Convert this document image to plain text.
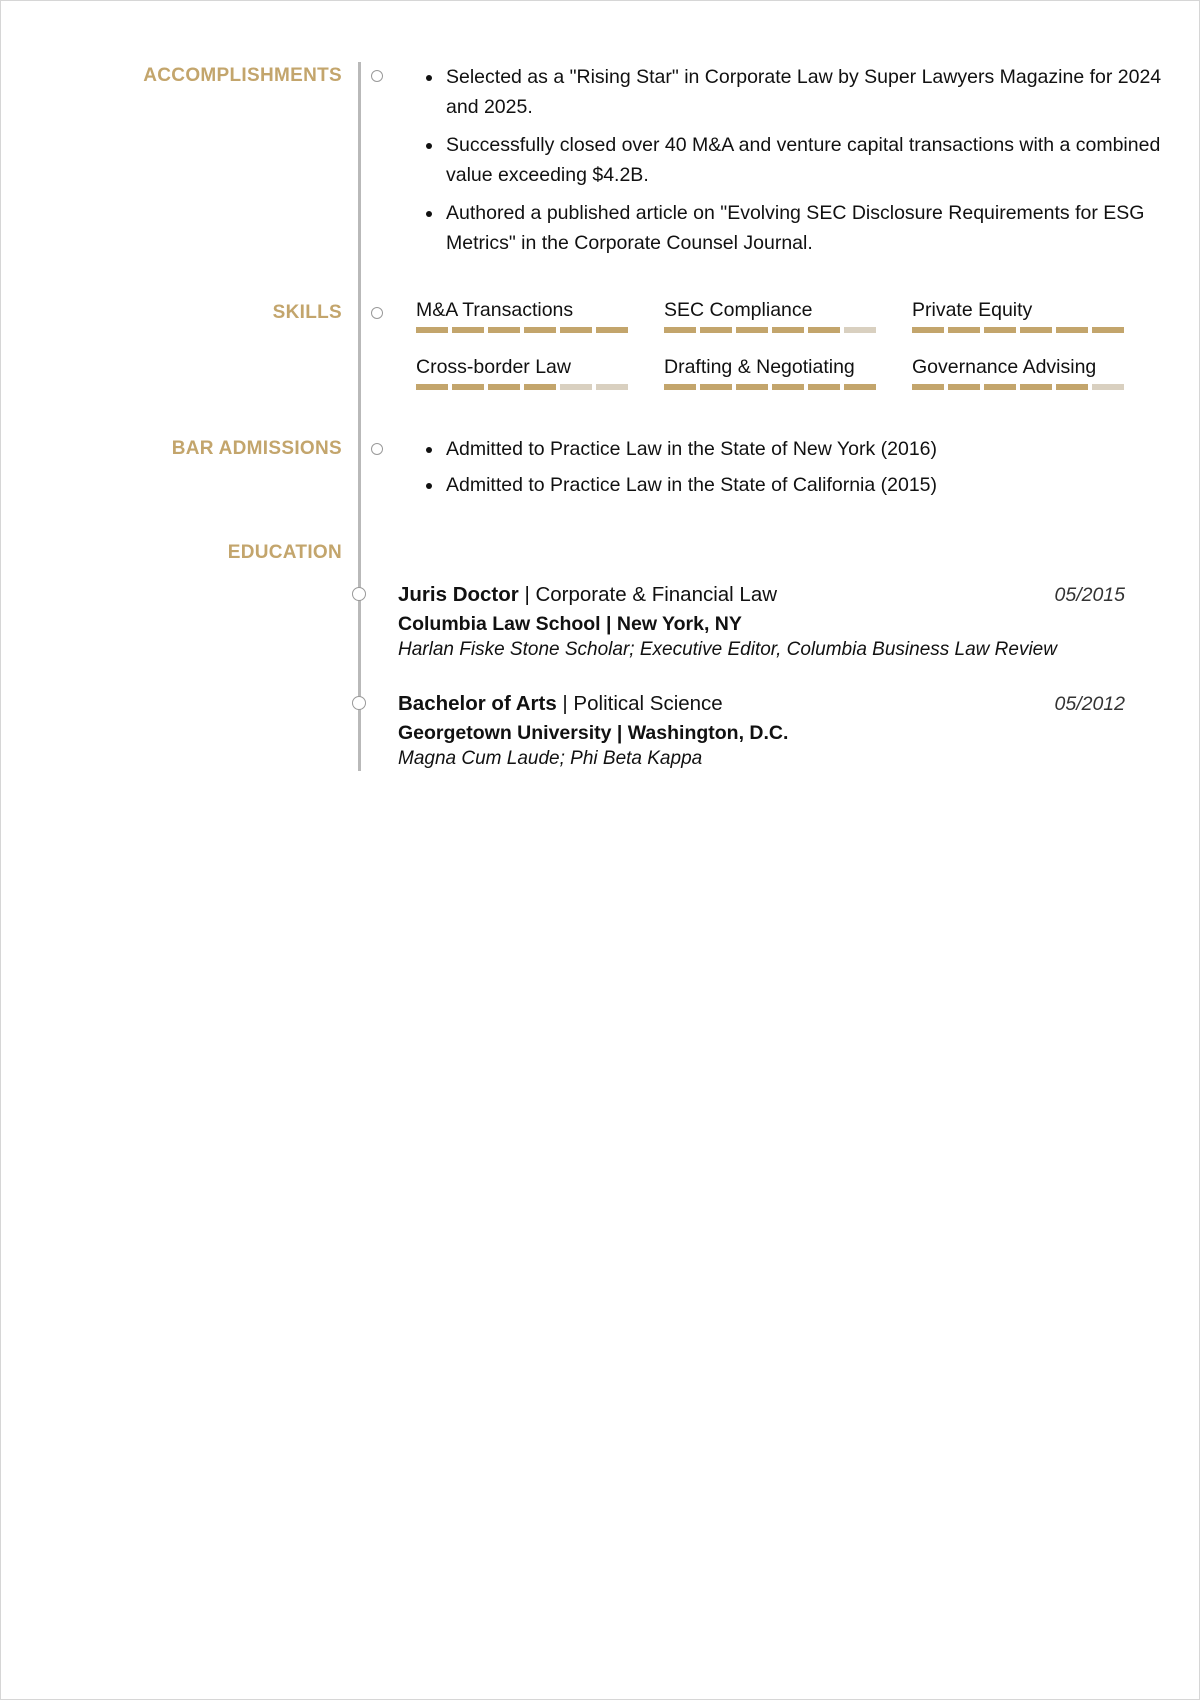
ACCOMPLISHMENTS	• Selected as a "Rising Star" in Corporate Law by Super Lawyers Magazine for 2024 and 2025.
• Successfully closed over 40 M&A and venture capital transactions with a combined value exceeding $4.2B.
• Authored a published article on "Evolving SEC Disclosure Requirements for ESG Metrics" in the Corporate Counsel Journal.
SKILLS	M&A Transactions	SEC Compliance	Private Equity
Cross-border Law	Drafting & Negotiating	Governance Advising
BAR ADMISSIONS	• Admitted to Practice Law in the State of New York (2016)
• Admitted to Practice Law in the State of California (2015)
EDUCATION
Juris Doctor | Corporate & Financial Law	05/2015
Columbia Law School | New York, NY
Harlan Fiske Stone Scholar; Executive Editor, Columbia Business Law Review
Bachelor of Arts | Political Science	05/2012
Georgetown University | Washington, D.C.
Magna Cum Laude; Phi Beta Kappa
